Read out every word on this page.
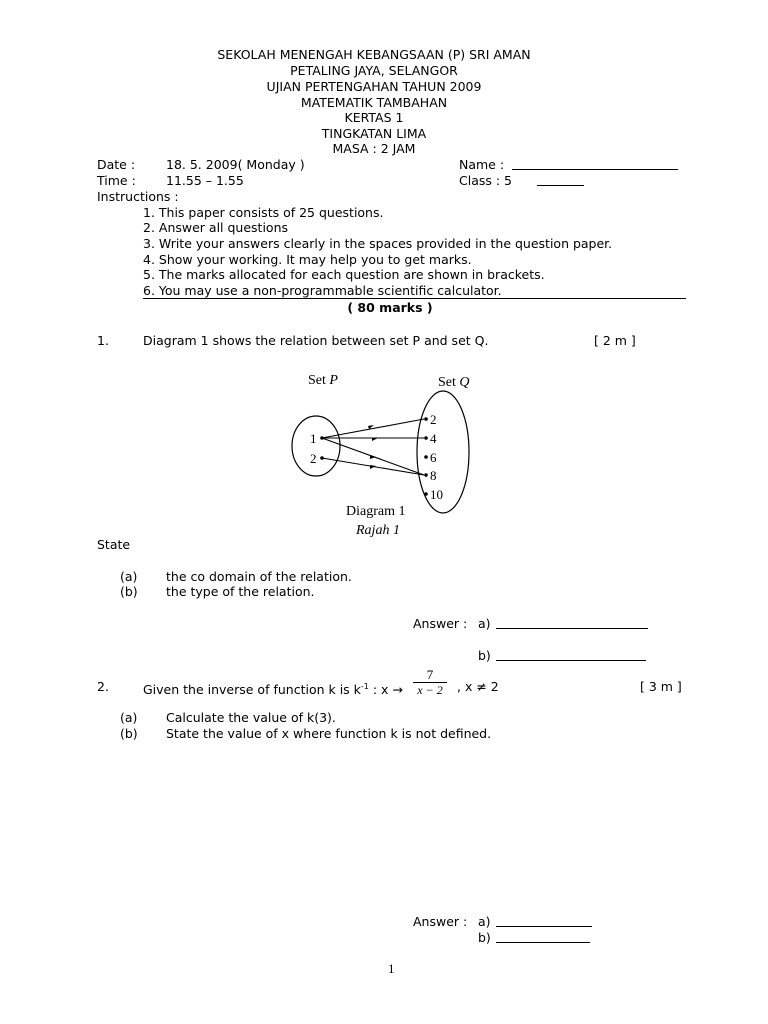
SEKOLAH MENENGAH KEBANGSAAN (P) SRI AMAN
PETALING JAYA, SELANGOR
UJIAN PERTENGAHAN TAHUN 2009
MATEMATIK TAMBAHAN
KERTAS 1
TINGKATAN LIMA
MASA : 2 JAM
Date : 18. 5. 2009( Monday )
Time : 11.55 – 1.55
Name :
Class : 5
Instructions :
1. This paper consists of 25 questions.
2. Answer all questions
3. Write your answers clearly in the spaces provided in the question paper.
4. Show your working. It may help you to get marks.
5. The marks allocated for each question are shown in brackets.
6. You may use a non-programmable scientific calculator.
( 80 marks )
1.	Diagram 1 shows the relation between set P and set Q.	[ 2 m ]
Set P	Set Q
1
2
2
4
6
8
10
Diagram 1
Rajah 1
State
(a) the co domain of the relation.
(b) the type of the relation.
Answer : a)
b)
2.	Given the inverse of function k is $k^{-1}$ : $x \to \frac{7}{x - 2}$ , x ≠ 2	[ 3 m ]
(a) Calculate the value of k(3).
(b) State the value of x where function k is not defined.
Answer : a)
b)
1
